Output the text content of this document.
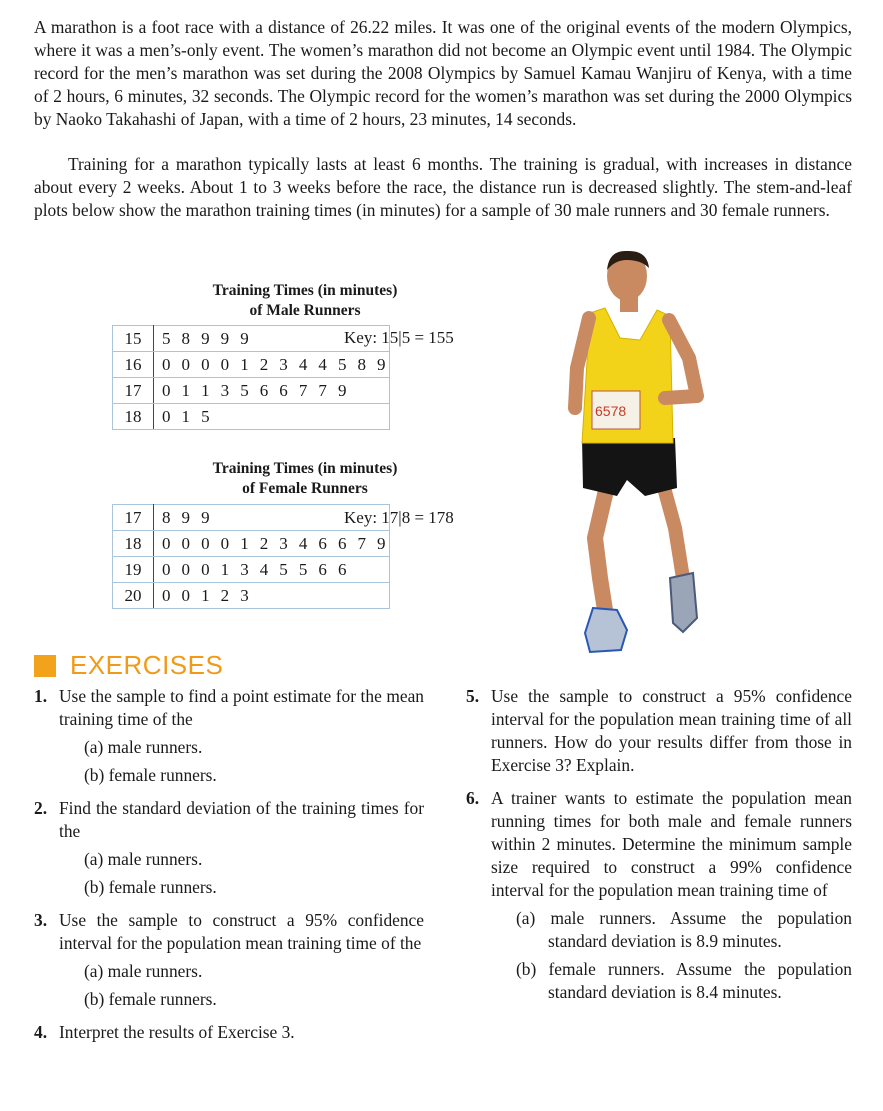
A marathon is a foot race with a distance of 26.22 miles. It was one of the original events of the modern Olympics, where it was a men’s-only event. The women’s marathon did not become an Olympic event until 1984. The Olympic record for the men’s marathon was set during the 2008 Olympics by Samuel Kamau Wanjiru of Kenya, with a time of 2 hours, 6 minutes, 32 seconds. The Olympic record for the women’s marathon was set during the 2000 Olympics by Naoko Takahashi of Japan, with a time of 2 hours, 23 minutes, 14 seconds.

Training for a marathon typically lasts at least 6 months. The training is gradual, with increases in distance about every 2 weeks. About 1 to 3 weeks before the race, the distance run is decreased slightly. The stem-and-leaf plots below show the marathon training times (in minutes) for a sample of 30 male runners and 30 female runners.

Training Times (in minutes)
of Male Runners
15	5 8 9 9 9
16	0 0 0 0 1 2 3 4 4 5 8 9
17	0 1 1 3 5 6 6 7 7 9
18	0 1 5
Key: 15|5 = 155
Training Times (in minutes)
of Female Runners
17	8 9 9
18	0 0 0 0 1 2 3 4 6 6 7 9
19	0 0 0 1 3 4 5 5 6 6
20	0 0 1 2 3
Key: 17|8 = 178
6578
EXERCISES
1. Use the sample to find a point estimate for the mean training time of the
(a) male runners.
(b) female runners.
2. Find the standard deviation of the training times for the
(a) male runners.
(b) female runners.
3. Use the sample to construct a 95% confidence interval for the population mean training time of the
(a) male runners.
(b) female runners.
4. Interpret the results of Exercise 3.
5. Use the sample to construct a 95% confidence interval for the population mean training time of all runners. How do your results differ from those in Exercise 3? Explain.
6. A trainer wants to estimate the population mean running times for both male and female runners within 2 minutes. Determine the minimum sample size required to construct a 99% confidence interval for the population mean training time of
(a) male runners. Assume the population standard deviation is 8.9 minutes.
(b) female runners. Assume the population standard deviation is 8.4 minutes.
